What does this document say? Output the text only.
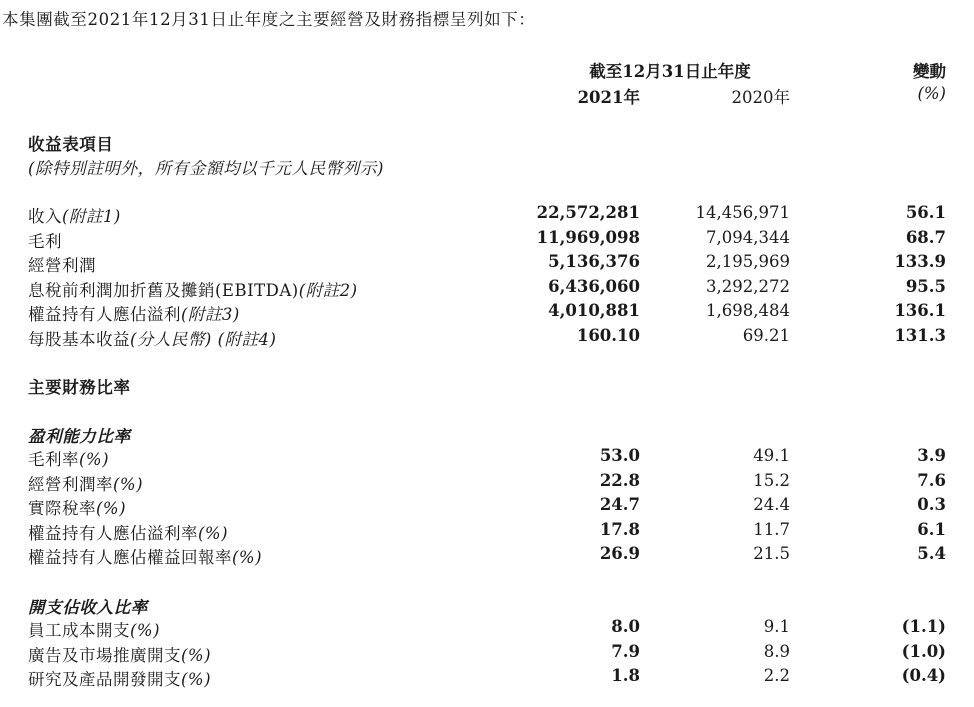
本集團截至2021年12月31日止年度之主要經營及財務指標呈列如下：
截至12月31日止年度
2021年	2020年
變動
(%)
收益表項目
(除特別註明外，所有金額均以千元人民幣列示)
收入(附註1)	22,572,281	14,456,971	56.1
毛利	11,969,098	7,094,344	68.7
經營利潤	5,136,376	2,195,969	133.9
息稅前利潤加折舊及攤銷(EBITDA)(附註2)	6,436,060	3,292,272	95.5
權益持有人應佔溢利(附註3)	4,010,881	1,698,484	136.1
每股基本收益(分人民幣) (附註4)	160.10	69.21	131.3
主要財務比率
盈利能力比率
毛利率(%)	53.0	49.1	3.9
經營利潤率(%)	22.8	15.2	7.6
實際稅率(%)	24.7	24.4	0.3
權益持有人應佔溢利率(%)	17.8	11.7	6.1
權益持有人應佔權益回報率(%)	26.9	21.5	5.4
開支佔收入比率
員工成本開支(%)	8.0	9.1	(1.1)
廣告及市場推廣開支(%)	7.9	8.9	(1.0)
研究及產品開發開支(%)	1.8	2.2	(0.4)
